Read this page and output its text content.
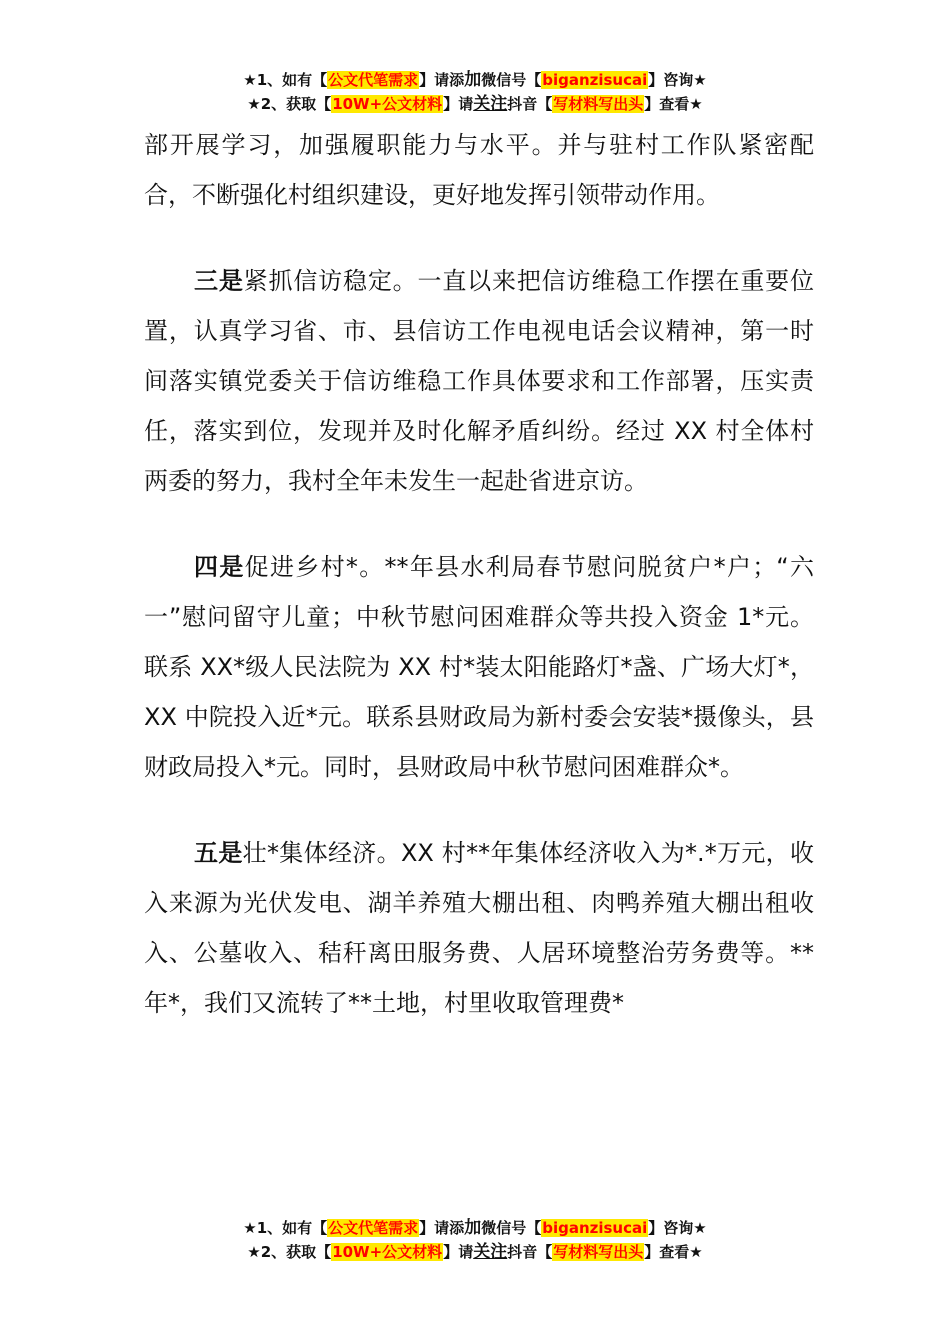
★1、如有【公文代笔需求】请添加微信号【biganzisucai】咨询★
★2、获取【10W+公文材料】请关注抖音【写材料写出头】查看★

部开展学习，加强履职能力与水平。并与驻村工作队紧密配合，不断强化村组织建设，更好地发挥引领带动作用。

三是紧抓信访稳定。一直以来把信访维稳工作摆在重要位置，认真学习省、市、县信访工作电视电话会议精神，第一时间落实镇党委关于信访维稳工作具体要求和工作部署，压实责任，落实到位，发现并及时化解矛盾纠纷。经过 XX 村全体村两委的努力，我村全年未发生一起赴省进京访。

四是促进乡村*。**年县水利局春节慰问脱贫户*户；“六一”慰问留守儿童；中秋节慰问困难群众等共投入资金 1*元。联系 XX*级人民法院为 XX 村*装太阳能路灯*盏、广场大灯*，XX 中院投入近*元。联系县财政局为新村委会安装*摄像头，县财政局投入*元。同时，县财政局中秋节慰问困难群众*。

五是壮*集体经济。XX 村**年集体经济收入为*.*万元，收入来源为光伏发电、湖羊养殖大棚出租、肉鸭养殖大棚出租收入、公墓收入、秸秆离田服务费、人居环境整治劳务费等。**年*，我们又流转了**土地，村里收取管理费*

★1、如有【公文代笔需求】请添加微信号【biganzisucai】咨询★
★2、获取【10W+公文材料】请关注抖音【写材料写出头】查看★
